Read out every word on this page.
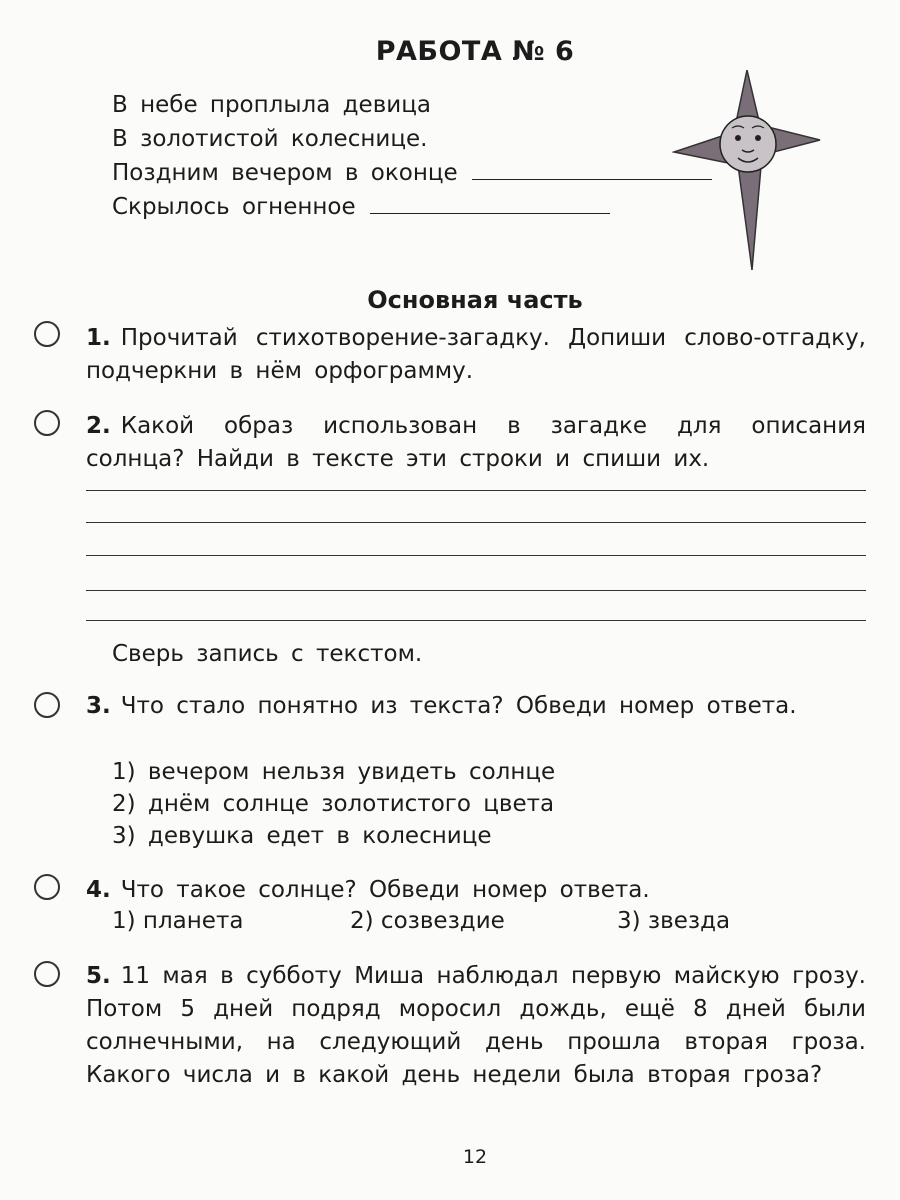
РАБОТА № 6
В небе проплыла девица
В золотистой колеснице.
Поздним вечером в оконце
Скрылось огненное
Основная часть
1. Прочитай стихотворение-загадку. Допиши слово-отгадку, подчеркни в нём орфограмму.
2. Какой образ использован в загадке для описания солнца? Найди в тексте эти строки и спиши их.
Сверь запись с текстом.
3. Что стало понятно из текста? Обведи номер ответа.
1) вечером нельзя увидеть солнце
2) днём солнце золотистого цвета
3) девушка едет в колеснице
4. Что такое солнце? Обведи номер ответа.
1) планета	2) созвездие	3) звезда
5. 11 мая в субботу Миша наблюдал первую майскую грозу. Потом 5 дней подряд моросил дождь, ещё 8 дней были солнечными, на следующий день прошла вторая гроза. Какого числа и в какой день недели была вторая гроза?
12
